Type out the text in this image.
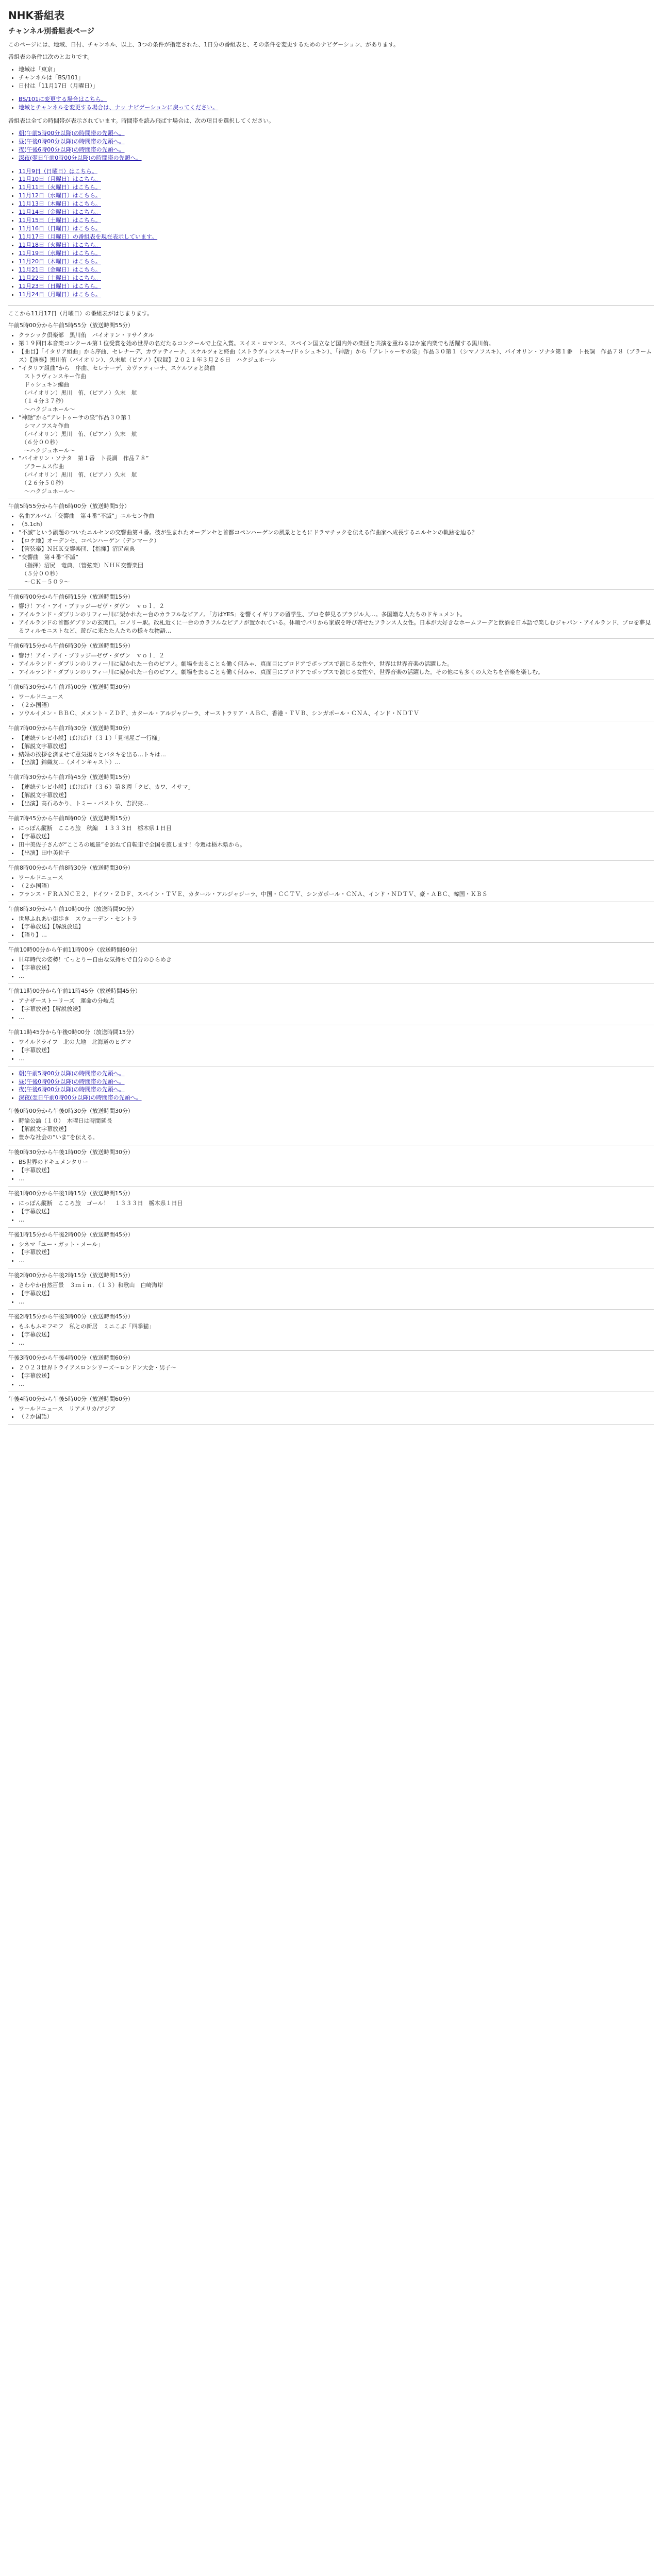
NHK番組表
チャンネル別番組表ページ

このページには、地域、日付、チャンネル、以上、3つの条件が指定された、1日分の番組表と、その条件を変更するためのナビゲーション、があります。

番組表の条件は次のとおりです。

• 地域は「東京」
• チャンネルは「BS/101」
• 日付は「11月17日（月曜日）」
• BS/101に変更する場合はこちら。
• 地域とチャンネルを変更する場合は、ナッ ナビゲーションに戻ってください。

番組表は全ての時間帯が表示されています。時間帯を読み飛ばす場合は、次の項目を選択してください。

• 朝(午前5時00分以降)の時間帯の先頭へ。
• 昼(午後0時00分以降)の時間帯の先頭へ。
• 夜(午後6時00分以降)の時間帯の先頭へ。
• 深夜(翌日午前0時00分以降)の時間帯の先頭へ。
• 11月9日（日曜日）はこちら。
• 11月10日（月曜日）はこちら。
• 11月11日（火曜日）はこちら。
• 11月12日（水曜日）はこちら。
• 11月13日（木曜日）はこちら。
• 11月14日（金曜日）はこちら。
• 11月15日（土曜日）はこちら。
• 11月16日（日曜日）はこちら。
• 11月17日（月曜日）の番組表を現在表示しています。
• 11月18日（火曜日）はこちら。
• 11月19日（水曜日）はこちら。
• 11月20日（木曜日）はこちら。
• 11月21日（金曜日）はこちら。
• 11月22日（土曜日）はこちら。
• 11月23日（日曜日）はこちら。
• 11月24日（月曜日）はこちら。

ここから11月17日（月曜日）の番組表がはじまります。

午前5時00分から午前5時55分（放送時間55分）
• クラシック倶楽部　黒川侑　バイオリン・リサイタル
• 第１９回日本音楽コンクール第１位受賞を始め世界の名だたるコンクールで上位入賞。スイス・ロマンス、スペイン国立など国内外の楽団と共演を重ねるほか室内楽でも活躍する黒川侑。
• 【曲目】「イタリア組曲」から序曲、セレナーデ、カヴァティーナ、スケルツォと終曲（ストラヴィンスキー/ドゥシュキン）、「神話」から「アレトゥーサの泉」作品３０第１（シマノフスキ）、バイオリン・ソナタ第１番　ト長調　作品７８（ブラームス）【演奏】黒川侑（バイオリン）、久末航（ピアノ）【収録】２０２１年３月２６日　ハクジュホール
• “イタリア組曲”から　序曲、セレナーデ、カヴァティーナ、スケルツォと終曲
　ストラヴィンスキー作曲
　ドゥシュキン編曲
　（バイオリン）黒川　侑、（ピアノ）久末　航
　（１４分３７秒）
　～ハクジュホール～
• “神話”から“アレトゥーサの泉”作品３０第１
　シマノフスキ作曲
　（バイオリン）黒川　侑、（ピアノ）久末　航
　（６分００秒）
　～ハクジュホール～
• “バイオリン・ソナタ　第１番　ト長調　作品７８”
　ブラームス作曲
　（バイオリン）黒川　侑、（ピアノ）久末　航
　（２６分５０秒）
　～ハクジュホール～
午前5時55分から午前6時00分（放送時間5分）
• 名曲アルバム「交響曲　第４番“不滅”」ニルセン作曲
• （5.1ch）
• “不滅”という副題のついたニルセンの交響曲第４番。彼が生まれたオーデンセと首都コペンハーゲンの風景とともにドラマチックを伝える作曲家へ成長するニルセンの軌跡を辿る？
• 【ロケ地】オーデンセ、コペンハーゲン（デンマーク）
• 【管弦楽】ＮＨＫ交響楽団、【指揮】沼尻竜典
• “交響曲　第４番“不滅”
　（指揮）沼尻　竜典、（管弦楽）ＮＨＫ交響楽団
　（５分００秒）
　～ＣＫ－５０９～
午前6時00分から午前6時15分（放送時間15分）
• 響け！アイ・アイ・ブリッジ―ゼヴ・ダヴン　ｖｏｌ．２
• アイルランド・ダブリンのリフィー川に架かれたー台のカラフルなピアノ。「方はYES」を響くイギリアの留学生、プロを夢見るブラジル人…。多国籍な人たちのドキュメント。
• アイルランドの首都ダブリンの玄関口。コノリー駅。改札近くに一台のカラフルなピアノが置かれている。休暇でパリから家族を呼び寄せたフランス人女性。日本が大好きなホームフーデと飲酒を日本語で楽しむジャパン・アイルランド、プロを夢見るフィルモニストなど、遊びに来たた人たちの様々な物語…
午前6時15分から午前6時30分（放送時間15分）
• 響け！アイ・アイ・ブリッジ―ゼヴ・ダヴン　ｖｏｌ．２
• アイルランド・ダブリンのリフィー川に架かれたー台のピアノ。劇場を去ることも働く何みゃ、真面目にブロドアでポップスで演じる女性や、世界は世界音楽の活躍した。
• アイルランド・ダブリンのリフィー川に架かれたー台のピアノ。劇場を去ることも働く何みゃ、真面目にブロドアでポップスで演じる女性や、世界音楽の活躍した。その他にも多くの人たちを音楽を楽しむ。
午前6時30分から午前7時00分（放送時間30分）
• ワールドニュース
• （２か国語）
• ソウルイメン・ＢＢＣ、メメント・ＺＤＦ、カタール・アルジャジーラ、オーストラリア・ＡＢＣ、香港・ＴＶＢ、シンガポール・ＣＮＡ、インド・ＮＤＴＶ
午前7時00分から午前7時30分（放送時間30分）
• 【連続テレビ小説】ばけばけ（３１）「見晴屋ご一行様」
• 【解説文字幕放送】
• 結婚の挨拶を済ませて意気揚々とバタキを出る…トキは…
• 【出演】錦織友…（メインキャスト）…
午前7時30分から午前7時45分（放送時間15分）
• 【連続テレビ小説】ばけばけ（３６）第８週「クビ、カワ、イサマ」
• 【解説文字幕放送】
• 【出演】髙石あかり、トミー・バストウ、吉沢亮…
午前7時45分から午前8時00分（放送時間15分）
• にっぽん縦断　こころ旅　秋編　１３３３日　栃木県１日目
• 【字幕放送】
• 田中美佐子さんが“こころの風景”を訪ねて自転車で全国を旅します！今週は栃木県から。
• 【出演】田中美佐子
午前8時00分から午前8時30分（放送時間30分）
• ワールドニュース
• （２か国語）
• フランス・ＦＲＡＮＣＥ２、ドイツ・ＺＤＦ、スペイン・ＴＶＥ、カタール・アルジャジーラ、中国・ＣＣＴＶ、シンガポール・ＣＮＡ、インド・ＮＤＴＶ、豪・ＡＢＣ、韓国・ＫＢＳ
午前8時30分から午前10時00分（放送時間90分）
• 世界ふれあい街歩き　スウェーデン・セントラ
• 【字幕放送】【解説放送】
• 【語り】…
午前10時00分から午前11時00分（放送時間60分）
• Ｈ年時代の姿勢！てっとりー自由な気持ちで自分のひらめき
• 【字幕放送】
• …
午前11時00分から午前11時45分（放送時間45分）
• アナザーストーリーズ　運命の分岐点
• 【字幕放送】【解説放送】
• …
午前11時45分から午後0時00分（放送時間15分）
• ワイルドライフ　北の大地　北海道のヒグマ
• 【字幕放送】
• …
• 朝(午前5時00分以降)の時間帯の先頭へ。
• 昼(午後0時00分以降)の時間帯の先頭へ。
• 夜(午後6時00分以降)の時間帯の先頭へ。
• 深夜(翌日午前0時00分以降)の時間帯の先頭へ。
午後0時00分から午後0時30分（放送時間30分）
• 時論公論（１０）　木曜日は時間延長
• 【解説文字幕放送】
• 豊かな社会の“いま”を伝える。
午後0時30分から午後1時00分（放送時間30分）
• BS世界のドキュメンタリー
• 【字幕放送】
• …
午後1時00分から午後1時15分（放送時間15分）
• にっぽん縦断　こころ旅　ゴール！　１３３３日　栃木県１日目
• 【字幕放送】
• …
午後1時15分から午後2時00分（放送時間45分）
• シネマ「ユー・ガット・メール」
• 【字幕放送】
• …
午後2時00分から午後2時15分（放送時間15分）
• さわやか自然百景　３ｍｉｎ．（１３）和歌山　白崎海岸
• 【字幕放送】
• …
午後2時15分から午後3時00分（放送時間45分）
• もふもふモフモフ　私との新居　ミニこぶ「四季猫」
• 【字幕放送】
• …
午後3時00分から午後4時00分（放送時間60分）
• ２０２３世界トライアスロンシリーズ～ロンドン大会・男子～
• 【字幕放送】
• …
午後4時00分から午後5時00分（放送時間60分）
• ワールドニュース　リアメリカ/アジア
• （２か国語）
